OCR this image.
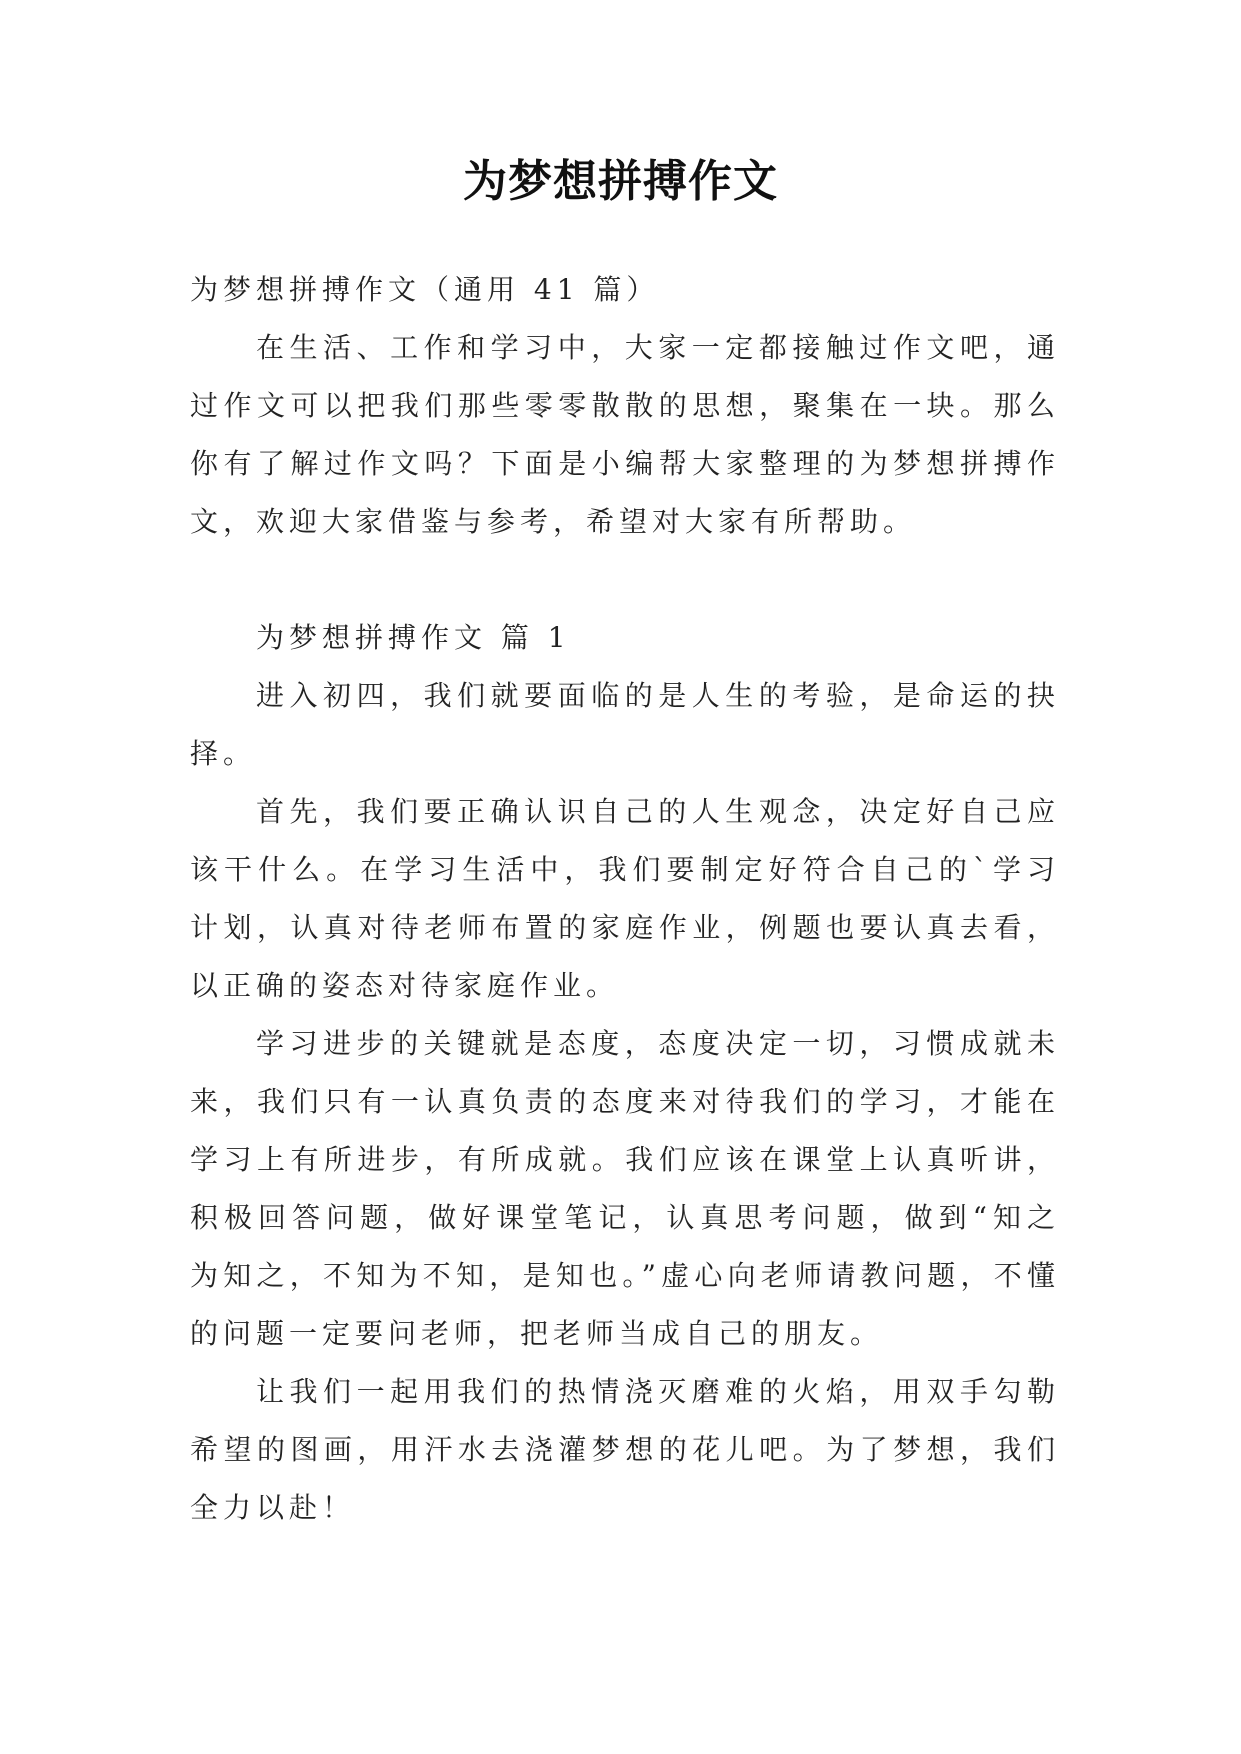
为梦想拼搏作文

为梦想拼搏作文（通用 41 篇）

在生活、工作和学习中，大家一定都接触过作文吧，通过作文可以把我们那些零零散散的思想，聚集在一块。那么你有了解过作文吗？下面是小编帮大家整理的为梦想拼搏作文，欢迎大家借鉴与参考，希望对大家有所帮助。

为梦想拼搏作文 篇 1

进入初四，我们就要面临的是人生的考验，是命运的抉择。

首先，我们要正确认识自己的人生观念，决定好自己应该干什么。在学习生活中，我们要制定好符合自己的`学习计划，认真对待老师布置的家庭作业，例题也要认真去看，以正确的姿态对待家庭作业。

学习进步的关键就是态度，态度决定一切，习惯成就未来，我们只有一认真负责的态度来对待我们的学习，才能在学习上有所进步，有所成就。我们应该在课堂上认真听讲，积极回答问题，做好课堂笔记，认真思考问题，做到“知之为知之，不知为不知，是知也。”虚心向老师请教问题，不懂的问题一定要问老师，把老师当成自己的朋友。

让我们一起用我们的热情浇灭磨难的火焰，用双手勾勒希望的图画，用汗水去浇灌梦想的花儿吧。为了梦想，我们全力以赴！
